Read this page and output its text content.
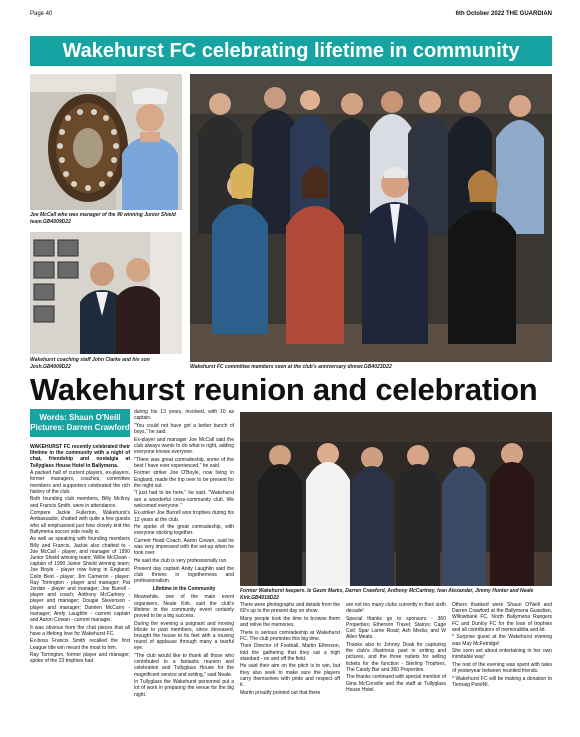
Page 40	6th October 2022 THE GUARDIAN
Wakehurst FC celebrating lifetime in community
Joe McCall who was manager of the 90 winning Junior Shield team.GB4009D22
Wakehurst coaching staff John Clarke and his son Josh.GB4009D22	Wakehurst FC committee members seen at the club's anniversary dinner.GB4023D22
Wakehurst reunion and celebration
Words: Shaun O'Neill
Pictures: Darren Crawford

WAKEHURST FC recently celebrated their lifetime in the community with a night of chat, friendship and nostalgia at Tullyglass House Hotel in Ballymena.

A packed hall of current players, ex-players, former managers, coaches, committee members and supporters celebrated the rich history of the club.

Both founding club members, Billy McIlroy and Francis Smith, were in attendance.

Compere Jackie Fullerton, Wakehurst's Ambassador, chatted with quite a few guests who all emphasised just how closely knit the Ballymena soccer side really is.

As well as speaking with founding members Billy and Francis, Jackie also chatted to - Joe McCall - player, and manager of 1990 Junior Shield winning team; Willie McClean - captain of 1990 Junior Shield winning team; Joe Boyle - player now living in England; Colin Best - player; Jim Cameron - player; Ray Torrington - player and manager; Pat Jordan - player and manager; Joe Burrell - player and coach; Anthony McCartney - player and manager; Dougie Stevenson - player and manager; Damien McCarry - manager; Andy Laughlin - current captain and Aaron Cowan - current manager.

It was obvious from the chat pieces that all have a lifelong love for Wakehurst FC.

Ex-boss Francis Smith recalled the first League title win meant the most to him.

Ray Torrington, former player and manager, spoke of the 23 trophies had

during his 13 years, involved, with 10 as captain.

"You could not have got a better bunch of boys," he said.

Ex-player and manager Joe McCall said the club always wants to do what is right, adding everyone knows everyone.

"There was great comradeship, some of the best I have ever experienced," he said.

Former striker Joe O'Boyle, now living in England, made the trip over to be present for the night out.

"I just had to be here," he said. "Wakehurst are a wonderful cross-community club. We welcomed everyone."

Ex-striker Joe Burrell won trophies during his 12 years at the club.

He spoke of the great comradeship, with everyone sticking together.

Current Head Coach, Aaron Cowan, said he was very impressed with the set-up when he took over.

He said the club is very professionally run.

Present day captain Andy Laughlin said the club thrives in togetherness and professionalism.

Lifetime in the Community

Meanwhile, one of the main event organisers, Neale Kirk, said the club's lifetime in the community event certainly proved to be a big success.

During the evening a poignant and moving tribute to past members, since deceased, brought the house to its feet with a rousing round of applause through many a tearful eye.

"The club would like to thank all those who contributed to a fantastic reunion and celebration and Tullyglass House for the magnificent service and setting," said Neale.

In Tullyglass the Wakehurst personnel put a lot of work in preparing the venue for the big night.

Former Wakehurst keepers. le Gavin Marks, Darren Crawford, Anthony McCartney, Ivan Alexander, Jimmy Hunter and Neale Kirk.GB4018D22

There were photographs and details from the 60's up to the present day on show.

Many people took the time to browse them and relive the memories.

There is serious comradeship at Wakehurst FC. The club promotes this big time.

Their Director of Football, Martin Etherson, told the gathering that they sat a high standard - on and off the field.

He said their aim on the pitch is to win, but they also seek to make sure the players carry themselves with pride and respect off it.

Martin proudly pointed out that there

are not too many clubs currently in their sixth decade!

Special thanks go to sponsors - 360 Properties; Etherson Travel; Stairys; Cage Coil; Spar Larne Road; Ash Media; and W Allen Meats.

Thanks also to Johnny Doak for capturing the club's illustrious past in writing and pictures, and the three outlets for selling tickets for the function - Sterling Trophies, The Candy Bar and 360 Properties.

The thanks continued with special mention of Gina McConville and the staff at Tullyglass House Hotel.

Others thanked were Shaun O'Neill and Darren Crawford at the Ballymena Guardian, Willowbank FC, North Ballymena Rangers FC and Dunloy FC for the loan of trophies and all contributors of memorabilia and kit.

* Surprise guest at the Wakehurst evening was May McFetridge!

She soon set about entertaining in her own inimitable way!

The rest of the evening was spent with tales of yesteryear between reunited friends.

* Wakehurst FC will be making a donation to Tiernaig PointNI.
